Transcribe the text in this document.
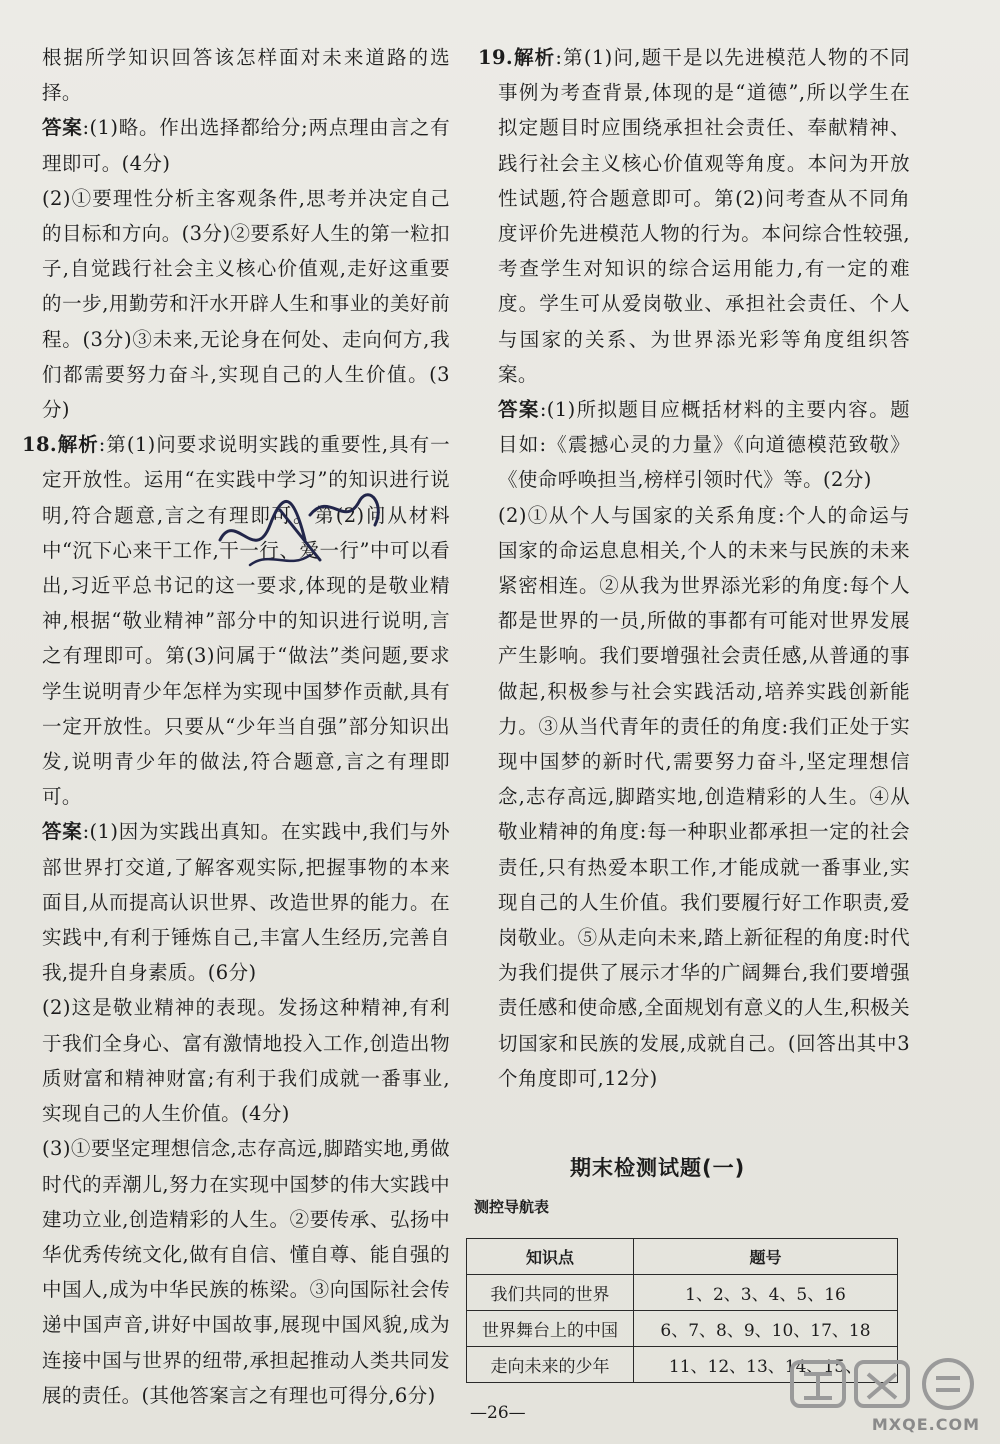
根据所学知识回答该怎样面对未来道路的选择。

答案:(1)略。作出选择都给分;两点理由言之有理即可。(4分)

(2)①要理性分析主客观条件,思考并决定自己的目标和方向。(3分)②要系好人生的第一粒扣子,自觉践行社会主义核心价值观,走好这重要的一步,用勤劳和汗水开辟人生和事业的美好前程。(3分)③未来,无论身在何处、走向何方,我们都需要努力奋斗,实现自己的人生价值。(3分)

18.解析:第(1)问要求说明实践的重要性,具有一定开放性。运用“在实践中学习”的知识进行说明,符合题意,言之有理即可。第(2)问从材料中“沉下心来干工作,干一行、爱一行”中可以看出,习近平总书记的这一要求,体现的是敬业精神,根据“敬业精神”部分中的知识进行说明,言之有理即可。第(3)问属于“做法”类问题,要求学生说明青少年怎样为实现中国梦作贡献,具有一定开放性。只要从“少年当自强”部分知识出发,说明青少年的做法,符合题意,言之有理即可。

答案:(1)因为实践出真知。在实践中,我们与外部世界打交道,了解客观实际,把握事物的本来面目,从而提高认识世界、改造世界的能力。在实践中,有利于锤炼自己,丰富人生经历,完善自我,提升自身素质。(6分)

(2)这是敬业精神的表现。发扬这种精神,有利于我们全身心、富有激情地投入工作,创造出物质财富和精神财富;有利于我们成就一番事业,实现自己的人生价值。(4分)

(3)①要坚定理想信念,志存高远,脚踏实地,勇做时代的弄潮儿,努力在实现中国梦的伟大实践中建功立业,创造精彩的人生。②要传承、弘扬中华优秀传统文化,做有自信、懂自尊、能自强的中国人,成为中华民族的栋梁。③向国际社会传递中国声音,讲好中国故事,展现中国风貌,成为连接中国与世界的纽带,承担起推动人类共同发展的责任。(其他答案言之有理也可得分,6分)

19.解析:第(1)问,题干是以先进模范人物的不同事例为考查背景,体现的是“道德”,所以学生在拟定题目时应围绕承担社会责任、奉献精神、践行社会主义核心价值观等角度。本问为开放性试题,符合题意即可。第(2)问考查从不同角度评价先进模范人物的行为。本问综合性较强,考查学生对知识的综合运用能力,有一定的难度。学生可从爱岗敬业、承担社会责任、个人与国家的关系、为世界添光彩等角度组织答案。

答案:(1)所拟题目应概括材料的主要内容。题目如:《震撼心灵的力量》《向道德模范致敬》《使命呼唤担当,榜样引领时代》等。(2分)

(2)①从个人与国家的关系角度:个人的命运与国家的命运息息相关,个人的未来与民族的未来紧密相连。②从我为世界添光彩的角度:每个人都是世界的一员,所做的事都有可能对世界发展产生影响。我们要增强社会责任感,从普通的事做起,积极参与社会实践活动,培养实践创新能力。③从当代青年的责任的角度:我们正处于实现中国梦的新时代,需要努力奋斗,坚定理想信念,志存高远,脚踏实地,创造精彩的人生。④从敬业精神的角度:每一种职业都承担一定的社会责任,只有热爱本职工作,才能成就一番事业,实现自己的人生价值。我们要履行好工作职责,爱岗敬业。⑤从走向未来,踏上新征程的角度:时代为我们提供了展示才华的广阔舞台,我们要增强责任感和使命感,全面规划有意义的人生,积极关切国家和民族的发展,成就自己。(回答出其中3个角度即可,12分)

期末检测试题(一)
测控导航表
知识点	题号
我们共同的世界	1、2、3、4、5、16
世界舞台上的中国	6、7、8、9、10、17、18
走向未来的少年	11、12、13、14、15、
—26—
MXQE.COM
